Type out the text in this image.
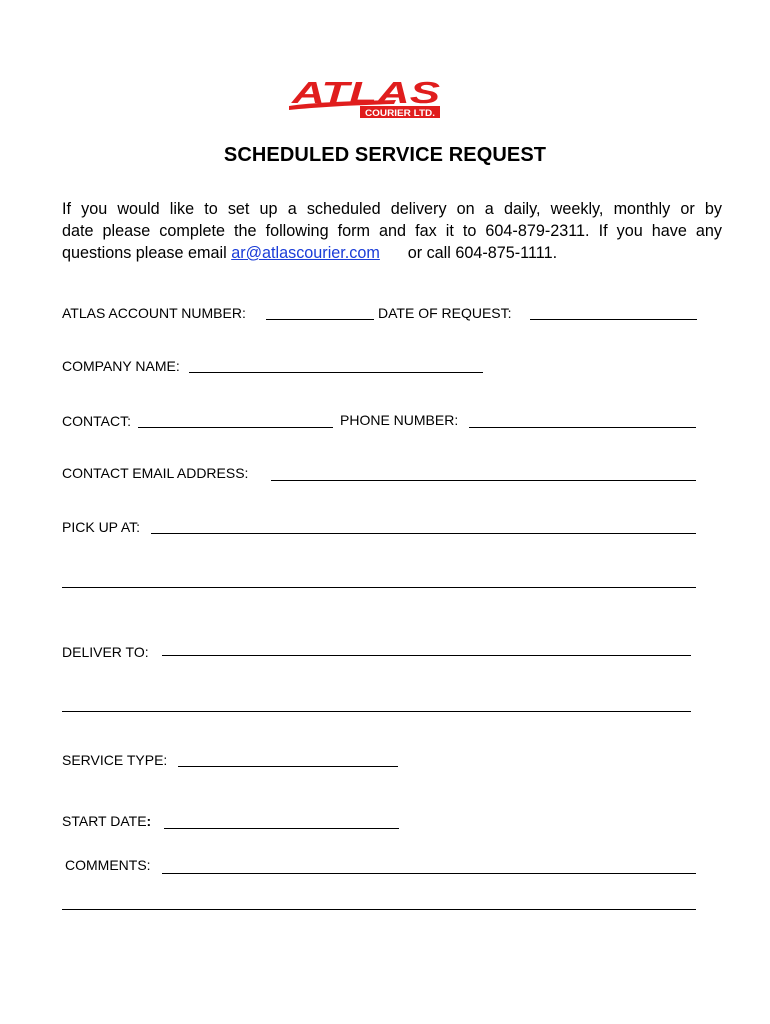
ATLAS
COURIER LTD.
SCHEDULED SERVICE REQUEST
If you would like to set up a scheduled delivery on a daily, weekly, monthly or by
date please complete the following form and fax it to 604-879-2311. If you have any
questions please email ar@atlascourier.com or call 604-875-1111.
ATLAS ACCOUNT NUMBER:	DATE OF REQUEST:
COMPANY NAME:
CONTACT:	PHONE NUMBER:
CONTACT EMAIL ADDRESS:
PICK UP AT:
DELIVER TO:
SERVICE TYPE:
START DATE:
COMMENTS:
